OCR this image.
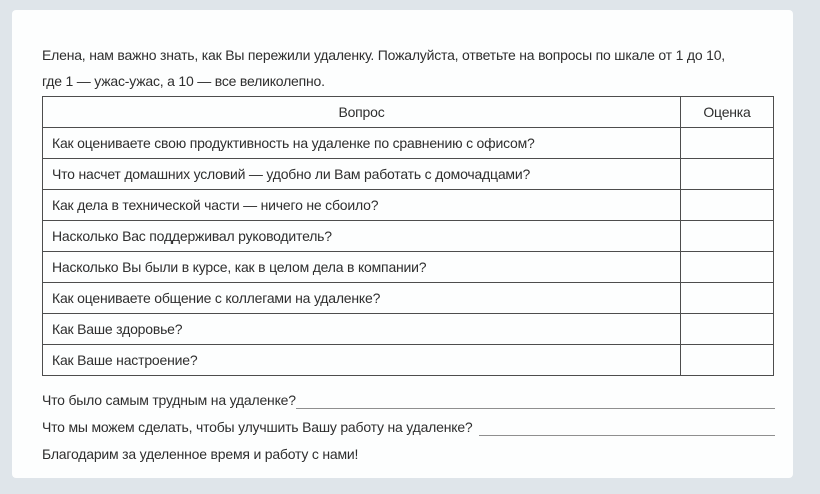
Елена, нам важно знать, как Вы пережили удаленку. Пожалуйста, ответьте на вопросы по шкале от 1 до 10,
где 1 — ужас-ужас, а 10 — все великолепно.
Вопрос	Оценка
Как оцениваете свою продуктивность на удаленке по сравнению с офисом?	
Что насчет домашних условий — удобно ли Вам работать с домочадцами?	
Как дела в технической части — ничего не сбоило?	
Насколько Вас поддерживал руководитель?	
Насколько Вы были в курсе, как в целом дела в компании?	
Как оцениваете общение с коллегами на удаленке?	
Как Ваше здоровье?	
Как Ваше настроение?	
Что было самым трудным на удаленке?
Что мы можем сделать, чтобы улучшить Вашу работу на удаленке?
Благодарим за уделенное время и работу с нами!
